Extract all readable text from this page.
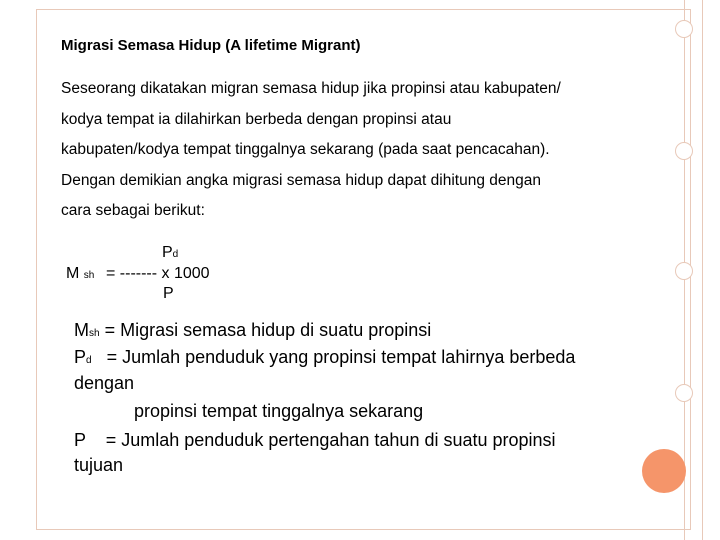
Migrasi Semasa Hidup (A lifetime Migrant)

Seseorang dikatakan migran semasa hidup jika propinsi atau kabupaten/
kodya tempat ia dilahirkan berbeda dengan propinsi atau
kabupaten/kodya tempat tinggalnya sekarang (pada saat pencacahan).
Dengan demikian angka migrasi semasa hidup dapat dihitung dengan
cara sebagai berikut:

Pd
M sh = ------- x 1000
P
Msh = Migrasi semasa hidup di suatu propinsi
Pd = Jumlah penduduk yang propinsi tempat lahirnya berbeda
dengan
propinsi tempat tinggalnya sekarang
P = Jumlah penduduk pertengahan tahun di suatu propinsi
tujuan
